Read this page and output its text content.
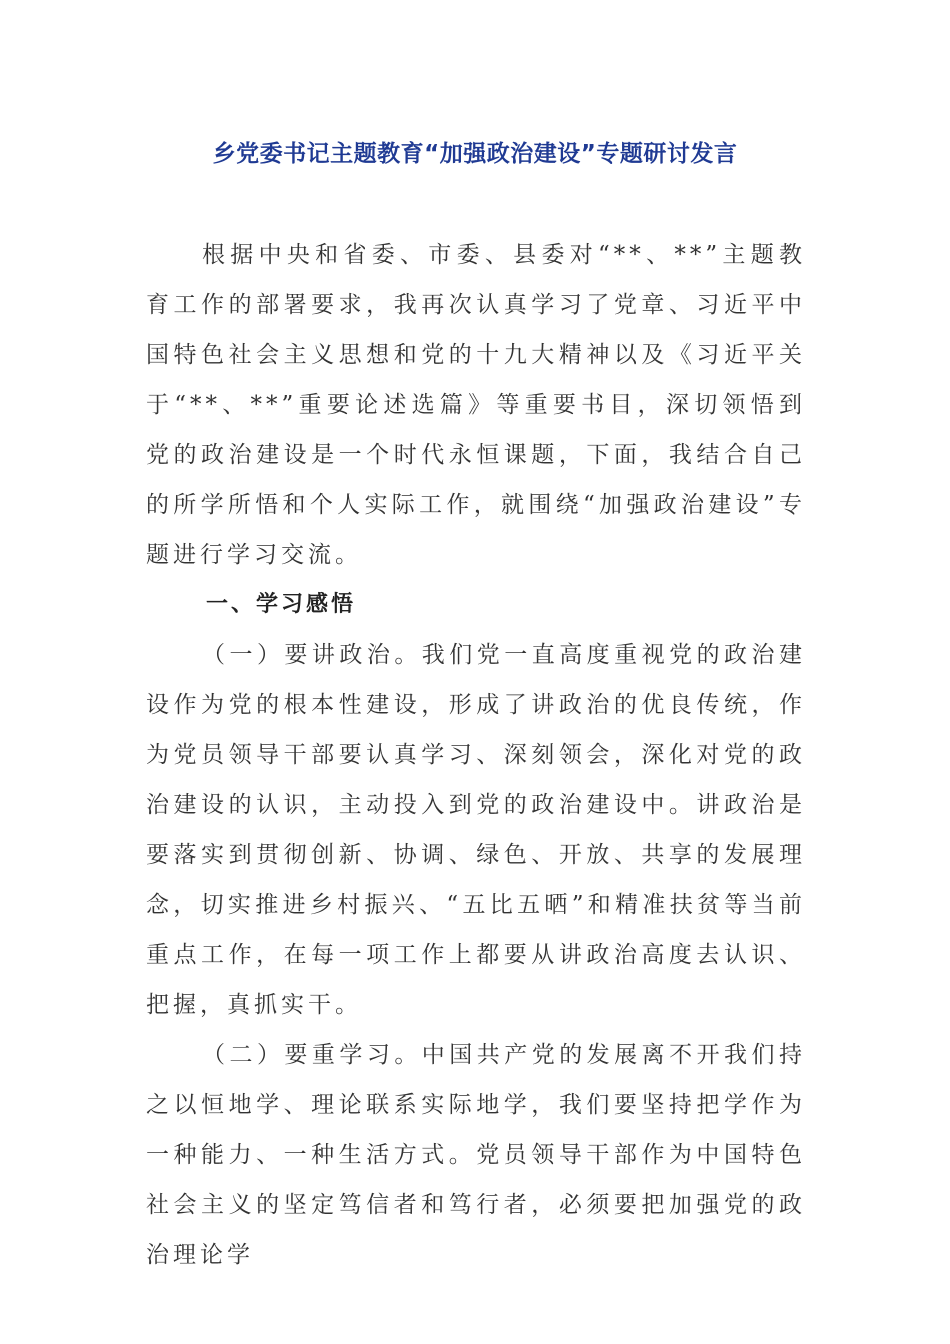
乡党委书记主题教育“加强政治建设”专题研讨发言

根据中央和省委、市委、县委对“**、**”主题教育工作的部署要求，我再次认真学习了党章、习近平中国特色社会主义思想和党的十九大精神以及《习近平关于“**、**”重要论述选篇》等重要书目，深切领悟到党的政治建设是一个时代永恒课题，下面，我结合自己的所学所悟和个人实际工作，就围绕“加强政治建设”专题进行学习交流。

一、学习感悟

（一）要讲政治。我们党一直高度重视党的政治建设作为党的根本性建设，形成了讲政治的优良传统，作为党员领导干部要认真学习、深刻领会，深化对党的政治建设的认识，主动投入到党的政治建设中。讲政治是要落实到贯彻创新、协调、绿色、开放、共享的发展理念，切实推进乡村振兴、“五比五晒”和精准扶贫等当前重点工作，在每一项工作上都要从讲政治高度去认识、把握，真抓实干。

（二）要重学习。中国共产党的发展离不开我们持之以恒地学、理论联系实际地学，我们要坚持把学作为一种能力、一种生活方式。党员领导干部作为中国特色社会主义的坚定笃信者和笃行者，必须要把加强党的政治理论学
